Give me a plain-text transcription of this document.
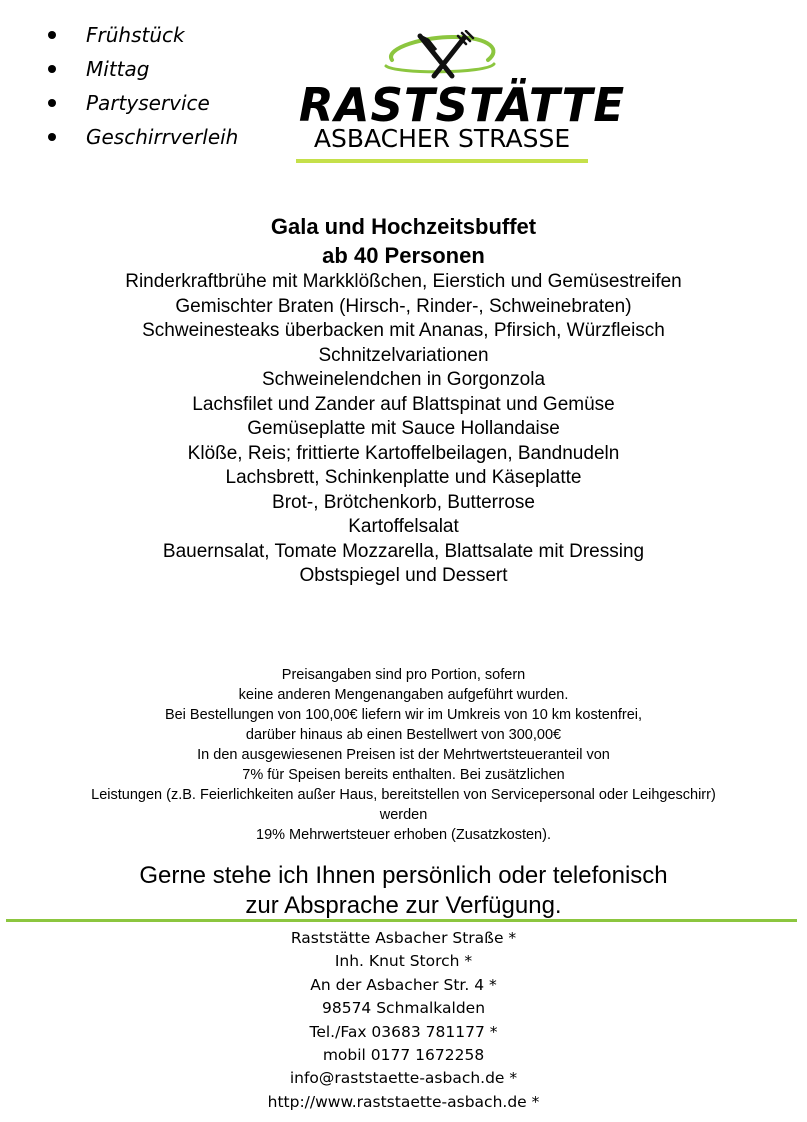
Frühstück
Mittag
Partyservice
Geschirrverleih
RASTSTÄTTE
ASBACHER STRASSE
Gala und Hochzeitsbuffet
ab 40 Personen
Rinderkraftbrühe mit Markklößchen, Eierstich und Gemüsestreifen
Gemischter Braten (Hirsch-, Rinder-, Schweinebraten)
Schweinesteaks überbacken mit Ananas, Pfirsich, Würzfleisch
Schnitzelvariationen
Schweinelendchen in Gorgonzola
Lachsfilet und Zander auf Blattspinat und Gemüse
Gemüseplatte mit Sauce Hollandaise
Klöße, Reis; frittierte Kartoffelbeilagen, Bandnudeln
Lachsbrett, Schinkenplatte und Käseplatte
Brot-, Brötchenkorb, Butterrose
Kartoffelsalat
Bauernsalat, Tomate Mozzarella, Blattsalate mit Dressing
Obstspiegel und Dessert
Preisangaben sind pro Portion, sofern
keine anderen Mengenangaben aufgeführt wurden.
Bei Bestellungen von 100,00€ liefern wir im Umkreis von 10 km kostenfrei,
darüber hinaus ab einen Bestellwert von 300,00€
In den ausgewiesenen Preisen ist der Mehrtwertsteueranteil von
7% für Speisen bereits enthalten. Bei zusätzlichen
Leistungen (z.B. Feierlichkeiten außer Haus, bereitstellen von Servicepersonal oder Leihgeschirr)
werden
19% Mehrwertsteuer erhoben (Zusatzkosten).
Gerne stehe ich Ihnen persönlich oder telefonisch
zur Absprache zur Verfügung.
Raststätte Asbacher Straße *
Inh. Knut Storch *
An der Asbacher Str. 4 *
98574 Schmalkalden
Tel./Fax 03683 781177 *
mobil 0177 1672258
info@raststaette-asbach.de *
http://www.raststaette-asbach.de *
